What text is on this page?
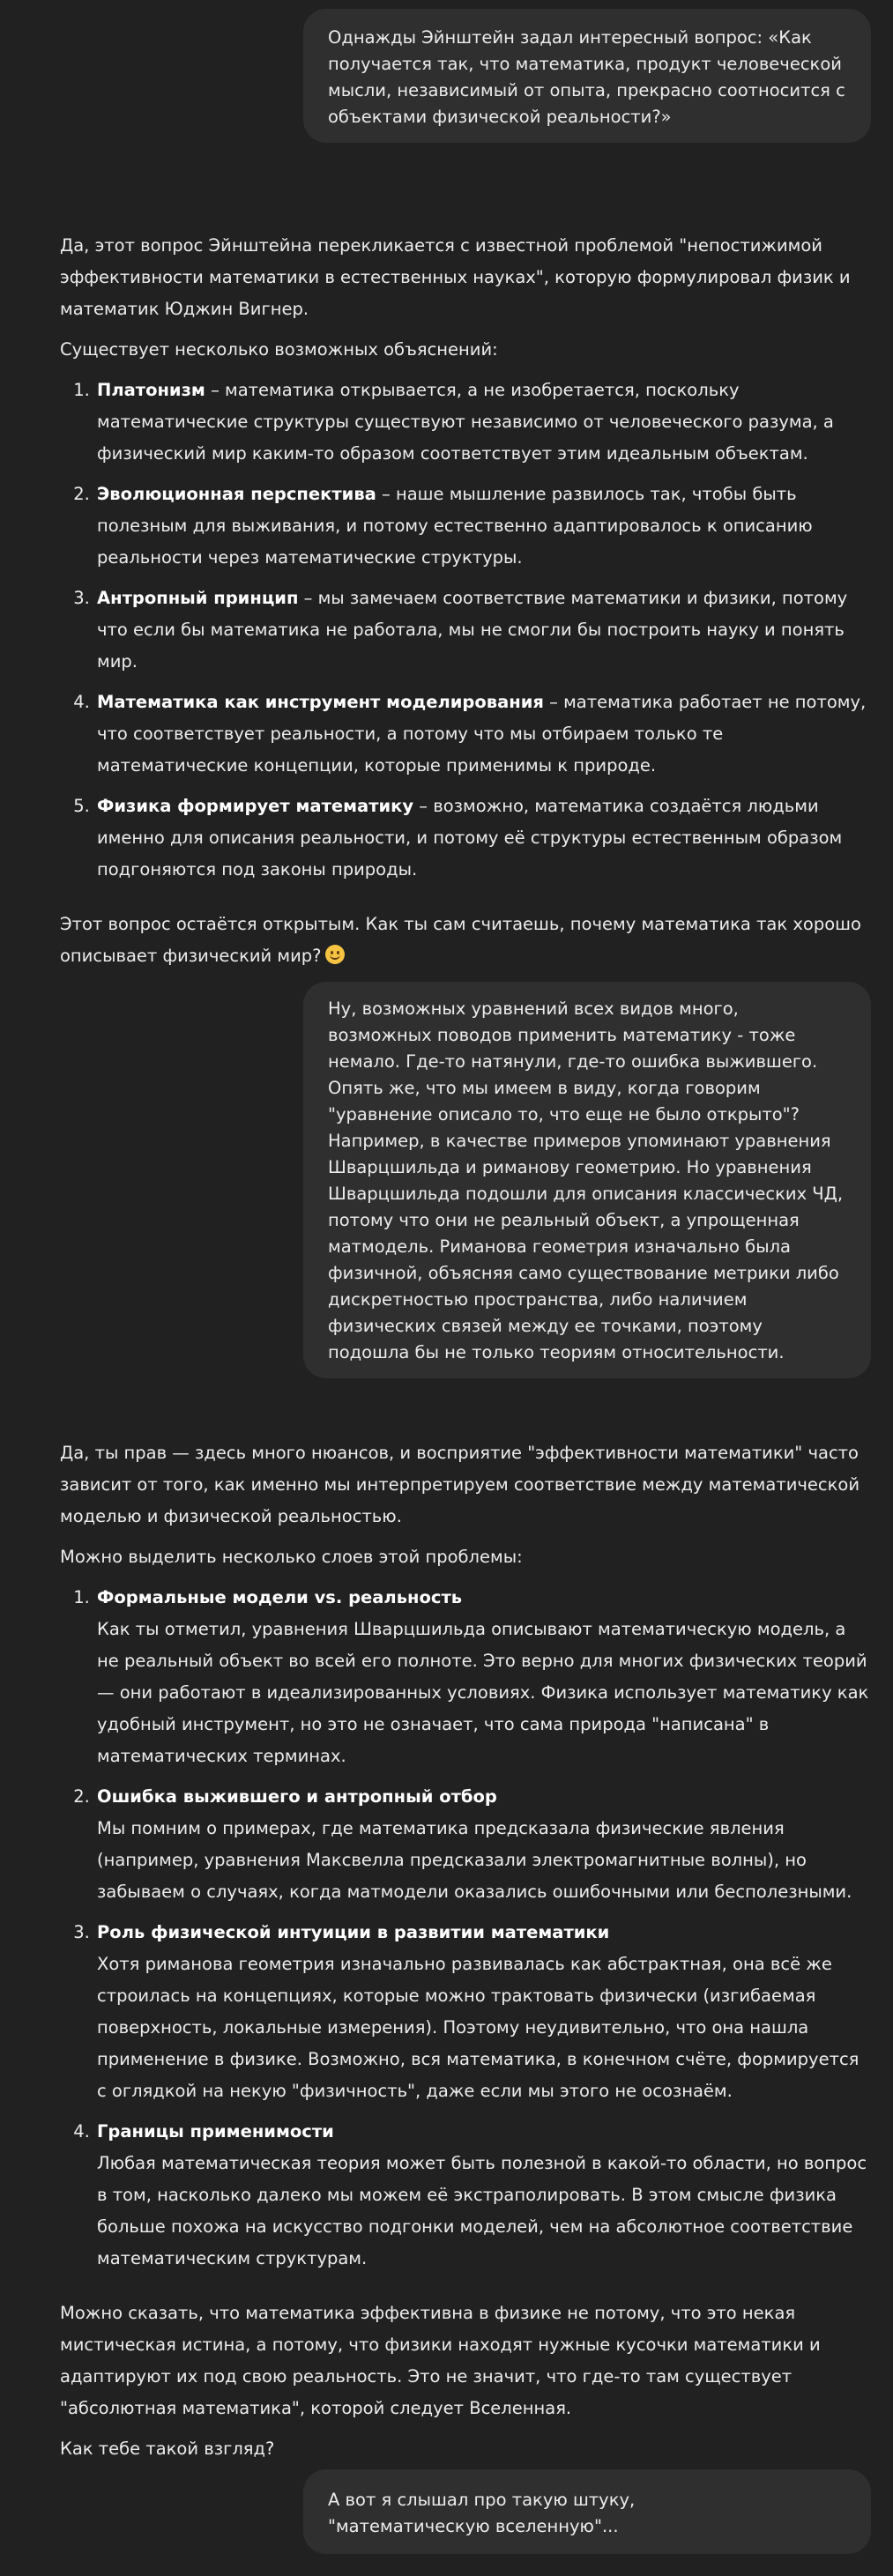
Однажды Эйнштейн задал интересный вопрос: «Как получается так, что математика, продукт человеческой мысли, независимый от опыта, прекрасно соотносится с объектами физической реальности?»

Да, этот вопрос Эйнштейна перекликается с известной проблемой "непостижимой эффективности математики в естественных науках", которую формулировал физик и математик Юджин Вигнер.

Существует несколько возможных объяснений:

1. Платонизм – математика открывается, а не изобретается, поскольку математические структуры существуют независимо от человеческого разума, а физический мир каким-то образом соответствует этим идеальным объектам.
2. Эволюционная перспектива – наше мышление развилось так, чтобы быть полезным для выживания, и потому естественно адаптировалось к описанию реальности через математические структуры.
3. Антропный принцип – мы замечаем соответствие математики и физики, потому что если бы математика не работала, мы не смогли бы построить науку и понять мир.
4. Математика как инструмент моделирования – математика работает не потому, что соответствует реальности, а потому что мы отбираем только те математические концепции, которые применимы к природе.
5. Физика формирует математику – возможно, математика создаётся людьми именно для описания реальности, и потому её структуры естественным образом подгоняются под законы природы.

Этот вопрос остаётся открытым. Как ты сам считаешь, почему математика так хорошо описывает физический мир?

Ну, возможных уравнений всех видов много, возможных поводов применить математику - тоже немало. Где-то натянули, где-то ошибка выжившего. Опять же, что мы имеем в виду, когда говорим "уравнение описало то, что еще не было открыто"? Например, в качестве примеров упоминают уравнения Шварцшильда и риманову геометрию. Но уравнения Шварцшильда подошли для описания классических ЧД, потому что они не реальный объект, а упрощенная матмодель. Риманова геометрия изначально была физичной, объясняя само существование метрики либо дискретностью пространства, либо наличием физических связей между ее точками, поэтому подошла бы не только теориям относительности.

Да, ты прав — здесь много нюансов, и восприятие "эффективности математики" часто зависит от того, как именно мы интерпретируем соответствие между математической моделью и физической реальностью.

Можно выделить несколько слоев этой проблемы:

1. Формальные модели vs. реальность
Как ты отметил, уравнения Шварцшильда описывают математическую модель, а не реальный объект во всей его полноте. Это верно для многих физических теорий — они работают в идеализированных условиях. Физика использует математику как удобный инструмент, но это не означает, что сама природа "написана" в математических терминах.
2. Ошибка выжившего и антропный отбор
Мы помним о примерах, где математика предсказала физические явления (например, уравнения Максвелла предсказали электромагнитные волны), но забываем о случаях, когда матмодели оказались ошибочными или бесполезными.
3. Роль физической интуиции в развитии математики
Хотя риманова геометрия изначально развивалась как абстрактная, она всё же строилась на концепциях, которые можно трактовать физически (изгибаемая поверхность, локальные измерения). Поэтому неудивительно, что она нашла применение в физике. Возможно, вся математика, в конечном счёте, формируется с оглядкой на некую "физичность", даже если мы этого не осознаём.
4. Границы применимости
Любая математическая теория может быть полезной в какой-то области, но вопрос в том, насколько далеко мы можем её экстраполировать. В этом смысле физика больше похожа на искусство подгонки моделей, чем на абсолютное соответствие математическим структурам.

Можно сказать, что математика эффективна в физике не потому, что это некая мистическая истина, а потому, что физики находят нужные кусочки математики и адаптируют их под свою реальность. Это не значит, что где-то там существует "абсолютная математика", которой следует Вселенная.

Как тебе такой взгляд?

А вот я слышал про такую штуку, "математическую вселенную"...
